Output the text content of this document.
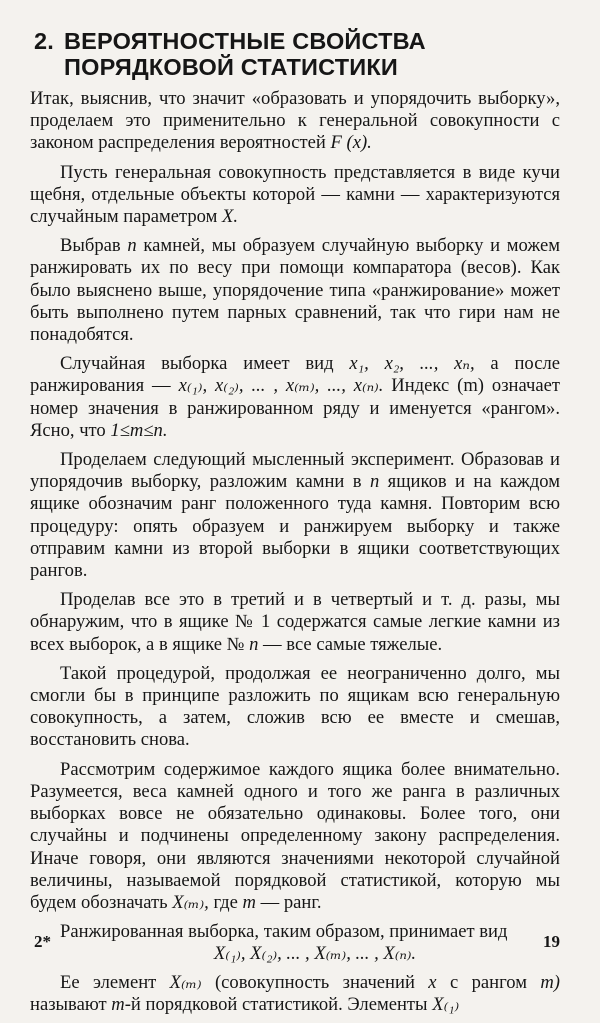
2. ВЕРОЯТНОСТНЫЕ СВОЙСТВА
ПОРЯДКОВОЙ СТАТИСТИКИ

Итак, выяснив, что значит «образовать и упорядочить выборку», проделаем это применительно к генеральной совокупности с законом распределения вероятностей F (x).

Пусть генеральная совокупность представляется в виде кучи щебня, отдельные объекты которой — камни — характеризуются случайным параметром X.

Выбрав n камней, мы образуем случайную выборку и можем ранжировать их по весу при помощи компаратора (весов). Как было выяснено выше, упорядочение типа «ранжирование» может быть выполнено путем парных сравнений, так что гири нам не понадобятся.

Случайная выборка имеет вид x₁, x₂, ..., xₙ, а после ранжирования — x₍₁₎, x₍₂₎, ... , x₍ₘ₎, ..., x₍ₙ₎. Индекс (m) означает номер значения в ранжированном ряду и именуется «рангом». Ясно, что 1≤m≤n.

Проделаем следующий мысленный эксперимент. Образовав и упорядочив выборку, разложим камни в n ящиков и на каждом ящике обозначим ранг положенного туда камня. Повторим всю процедуру: опять образуем и ранжируем выборку и также отправим камни из второй выборки в ящики соответствующих рангов.

Проделав все это в третий и в четвертый и т. д. разы, мы обнаружим, что в ящике № 1 содержатся самые легкие камни из всех выборок, а в ящике № n — все самые тяжелые.

Такой процедурой, продолжая ее неограниченно долго, мы смогли бы в принципе разложить по ящикам всю генеральную совокупность, а затем, сложив всю ее вместе и смешав, восстановить снова.

Рассмотрим содержимое каждого ящика более внимательно. Разумеется, веса камней одного и того же ранга в различных выборках вовсе не обязательно одинаковы. Более того, они случайны и подчинены определенному закону распределения. Иначе говоря, они являются значениями некоторой случайной величины, называемой порядковой статистикой, которую мы будем обозначать X₍ₘ₎, где m — ранг.

Ранжированная выборка, таким образом, принимает вид

X₍₁₎, X₍₂₎, ... , X₍ₘ₎, ... , X₍ₙ₎.

Ее элемент X₍ₘ₎ (совокупность значений x с рангом m) называют m-й порядковой статистикой. Элементы X₍₁₎

2*	19
